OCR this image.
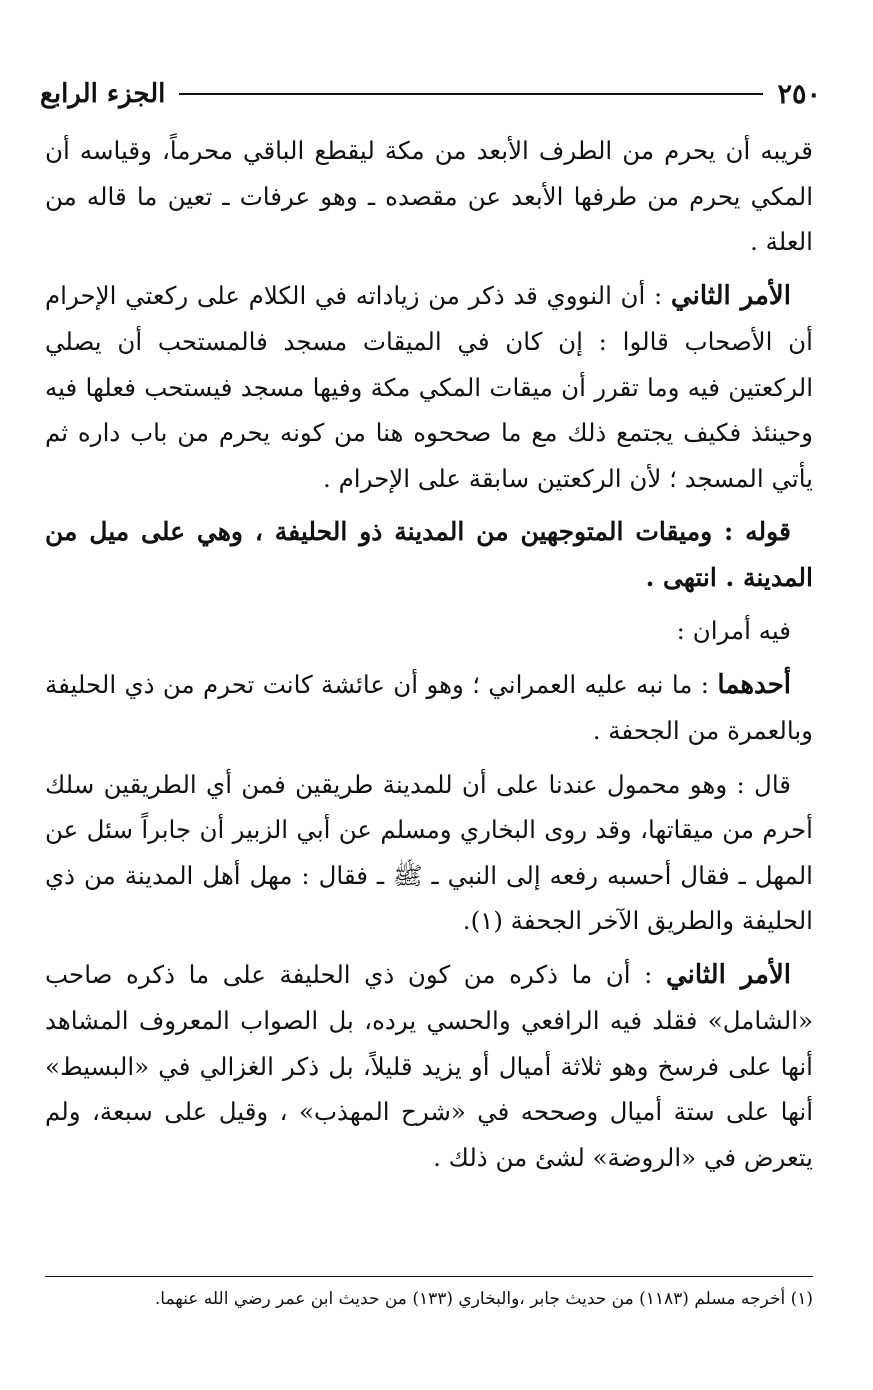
٢٥٠
الجزء الرابع

قريبه أن يحرم من الطرف الأبعد من مكة ليقطع الباقي محرماً، وقياسه أن المكي يحرم من طرفها الأبعد عن مقصده ـ وهو عرفات ـ تعين ما قاله من العلة .

الأمر الثاني : أن النووي قد ذكر من زياداته في الكلام على ركعتي الإحرام أن الأصحاب قالوا : إن كان في الميقات مسجد فالمستحب أن يصلي الركعتين فيه وما تقرر أن ميقات المكي مكة وفيها مسجد فيستحب فعلها فيه وحينئذ فكيف يجتمع ذلك مع ما صححوه هنا من كونه يحرم من باب داره ثم يأتي المسجد ؛ لأن الركعتين سابقة على الإحرام .

قوله : وميقات المتوجهين من المدينة ذو الحليفة ، وهي على ميل من المدينة . انتهى .

فيه أمران :

أحدهما : ما نبه عليه العمراني ؛ وهو أن عائشة كانت تحرم من ذي الحليفة وبالعمرة من الجحفة .

قال : وهو محمول عندنا على أن للمدينة طريقين فمن أي الطريقين سلك أحرم من ميقاتها، وقد روى البخاري ومسلم عن أبي الزبير أن جابراً سئل عن المهل ـ فقال أحسبه رفعه إلى النبي ـ ﷺ ـ فقال : مهل أهل المدينة من ذي الحليفة والطريق الآخر الجحفة (١).

الأمر الثاني : أن ما ذكره من كون ذي الحليفة على ما ذكره صاحب «الشامل» فقلد فيه الرافعي والحسي يرده، بل الصواب المعروف المشاهد أنها على فرسخ وهو ثلاثة أميال أو يزيد قليلاً، بل ذكر الغزالي في «البسيط» أنها على ستة أميال وصححه في «شرح المهذب» ، وقيل على سبعة، ولم يتعرض في «الروضة» لشئ من ذلك .

(١) أخرجه مسلم (١١٨٣) من حديث جابر ،والبخاري (١٣٣) من حديث ابن عمر رضي الله عنهما.
